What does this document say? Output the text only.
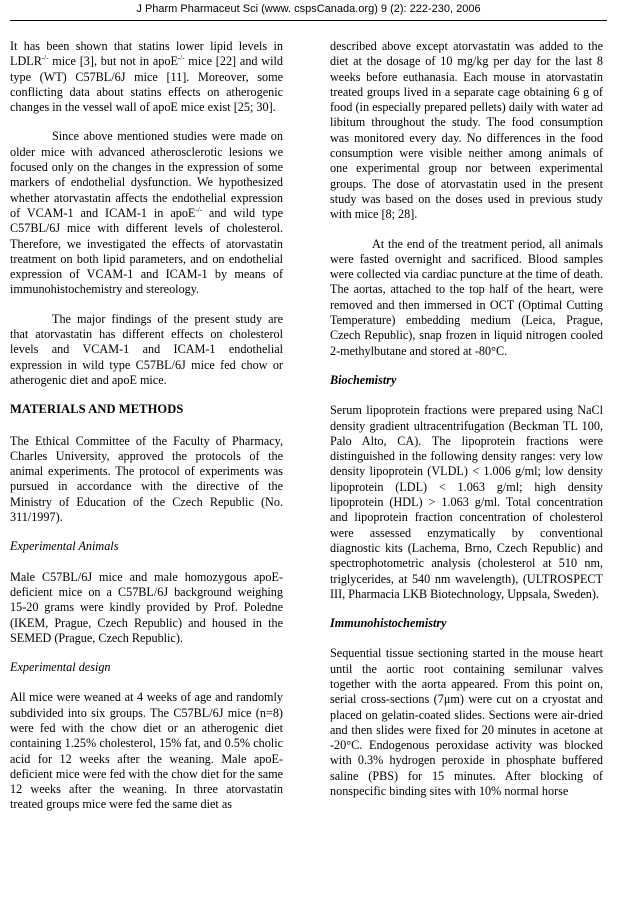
J Pharm Pharmaceut Sci (www. cspsCanada.org) 9 (2): 222-230, 2006

It has been shown that statins lower lipid levels in LDLR-/- mice [3], but not in apoE-/- mice [22] and wild type (WT) C57BL/6J mice [11]. Moreover, some conflicting data about statins effects on atherogenic changes in the vessel wall of apoE mice exist [25; 30].

Since above mentioned studies were made on older mice with advanced atherosclerotic lesions we focused only on the changes in the expression of some markers of endothelial dysfunction. We hypothesized whether atorvastatin affects the endothelial expression of VCAM-1 and ICAM-1 in apoE-/- and wild type C57BL/6J mice with different levels of cholesterol. Therefore, we investigated the effects of atorvastatin treatment on both lipid parameters, and on endothelial expression of VCAM-1 and ICAM-1 by means of immunohistochemistry and stereology.

The major findings of the present study are that atorvastatin has different effects on cholesterol levels and VCAM-1 and ICAM-1 endothelial expression in wild type C57BL/6J mice fed chow or atherogenic diet and apoE mice.

MATERIALS AND METHODS

The Ethical Committee of the Faculty of Pharmacy, Charles University, approved the protocols of the animal experiments. The protocol of experiments was pursued in accordance with the directive of the Ministry of Education of the Czech Republic (No. 311/1997).

Experimental Animals

Male C57BL/6J mice and male homozygous apoE-deficient mice on a C57BL/6J background weighing 15-20 grams were kindly provided by Prof. Poledne (IKEM, Prague, Czech Republic) and housed in the SEMED (Prague, Czech Republic).

Experimental design

All mice were weaned at 4 weeks of age and randomly subdivided into six groups. The C57BL/6J mice (n=8) were fed with the chow diet or an atherogenic diet containing 1.25% cholesterol, 15% fat, and 0.5% cholic acid for 12 weeks after the weaning. Male apoE-deficient mice were fed with the chow diet for the same 12 weeks after the weaning. In three atorvastatin treated groups mice were fed the same diet as

described above except atorvastatin was added to the diet at the dosage of 10 mg/kg per day for the last 8 weeks before euthanasia. Each mouse in atorvastatin treated groups lived in a separate cage obtaining 6 g of food (in especially prepared pellets) daily with water ad libitum throughout the study. The food consumption was monitored every day. No differences in the food consumption were visible neither among animals of one experimental group nor between experimental groups. The dose of atorvastatin used in the present study was based on the doses used in previous study with mice [8; 28].

At the end of the treatment period, all animals were fasted overnight and sacrificed. Blood samples were collected via cardiac puncture at the time of death. The aortas, attached to the top half of the heart, were removed and then immersed in OCT (Optimal Cutting Temperature) embedding medium (Leica, Prague, Czech Republic), snap frozen in liquid nitrogen cooled 2-methylbutane and stored at -80°C.

Biochemistry

Serum lipoprotein fractions were prepared using NaCl density gradient ultracentrifugation (Beckman TL 100, Palo Alto, CA). The lipoprotein fractions were distinguished in the following density ranges: very low density lipoprotein (VLDL) < 1.006 g/ml; low density lipoprotein (LDL) < 1.063 g/ml; high density lipoprotein (HDL) > 1.063 g/ml. Total concentration and lipoprotein fraction concentration of cholesterol were assessed enzymatically by conventional diagnostic kits (Lachema, Brno, Czech Republic) and spectrophotometric analysis (cholesterol at 510 nm, triglycerides, at 540 nm wavelength), (ULTROSPECT III, Pharmacia LKB Biotechnology, Uppsala, Sweden).

Immunohistochemistry

Sequential tissue sectioning started in the mouse heart until the aortic root containing semilunar valves together with the aorta appeared. From this point on, serial cross-sections (7μm) were cut on a cryostat and placed on gelatin-coated slides. Sections were air-dried and then slides were fixed for 20 minutes in acetone at -20°C. Endogenous peroxidase activity was blocked with 0.3% hydrogen peroxide in phosphate buffered saline (PBS) for 15 minutes. After blocking of nonspecific binding sites with 10% normal horse
